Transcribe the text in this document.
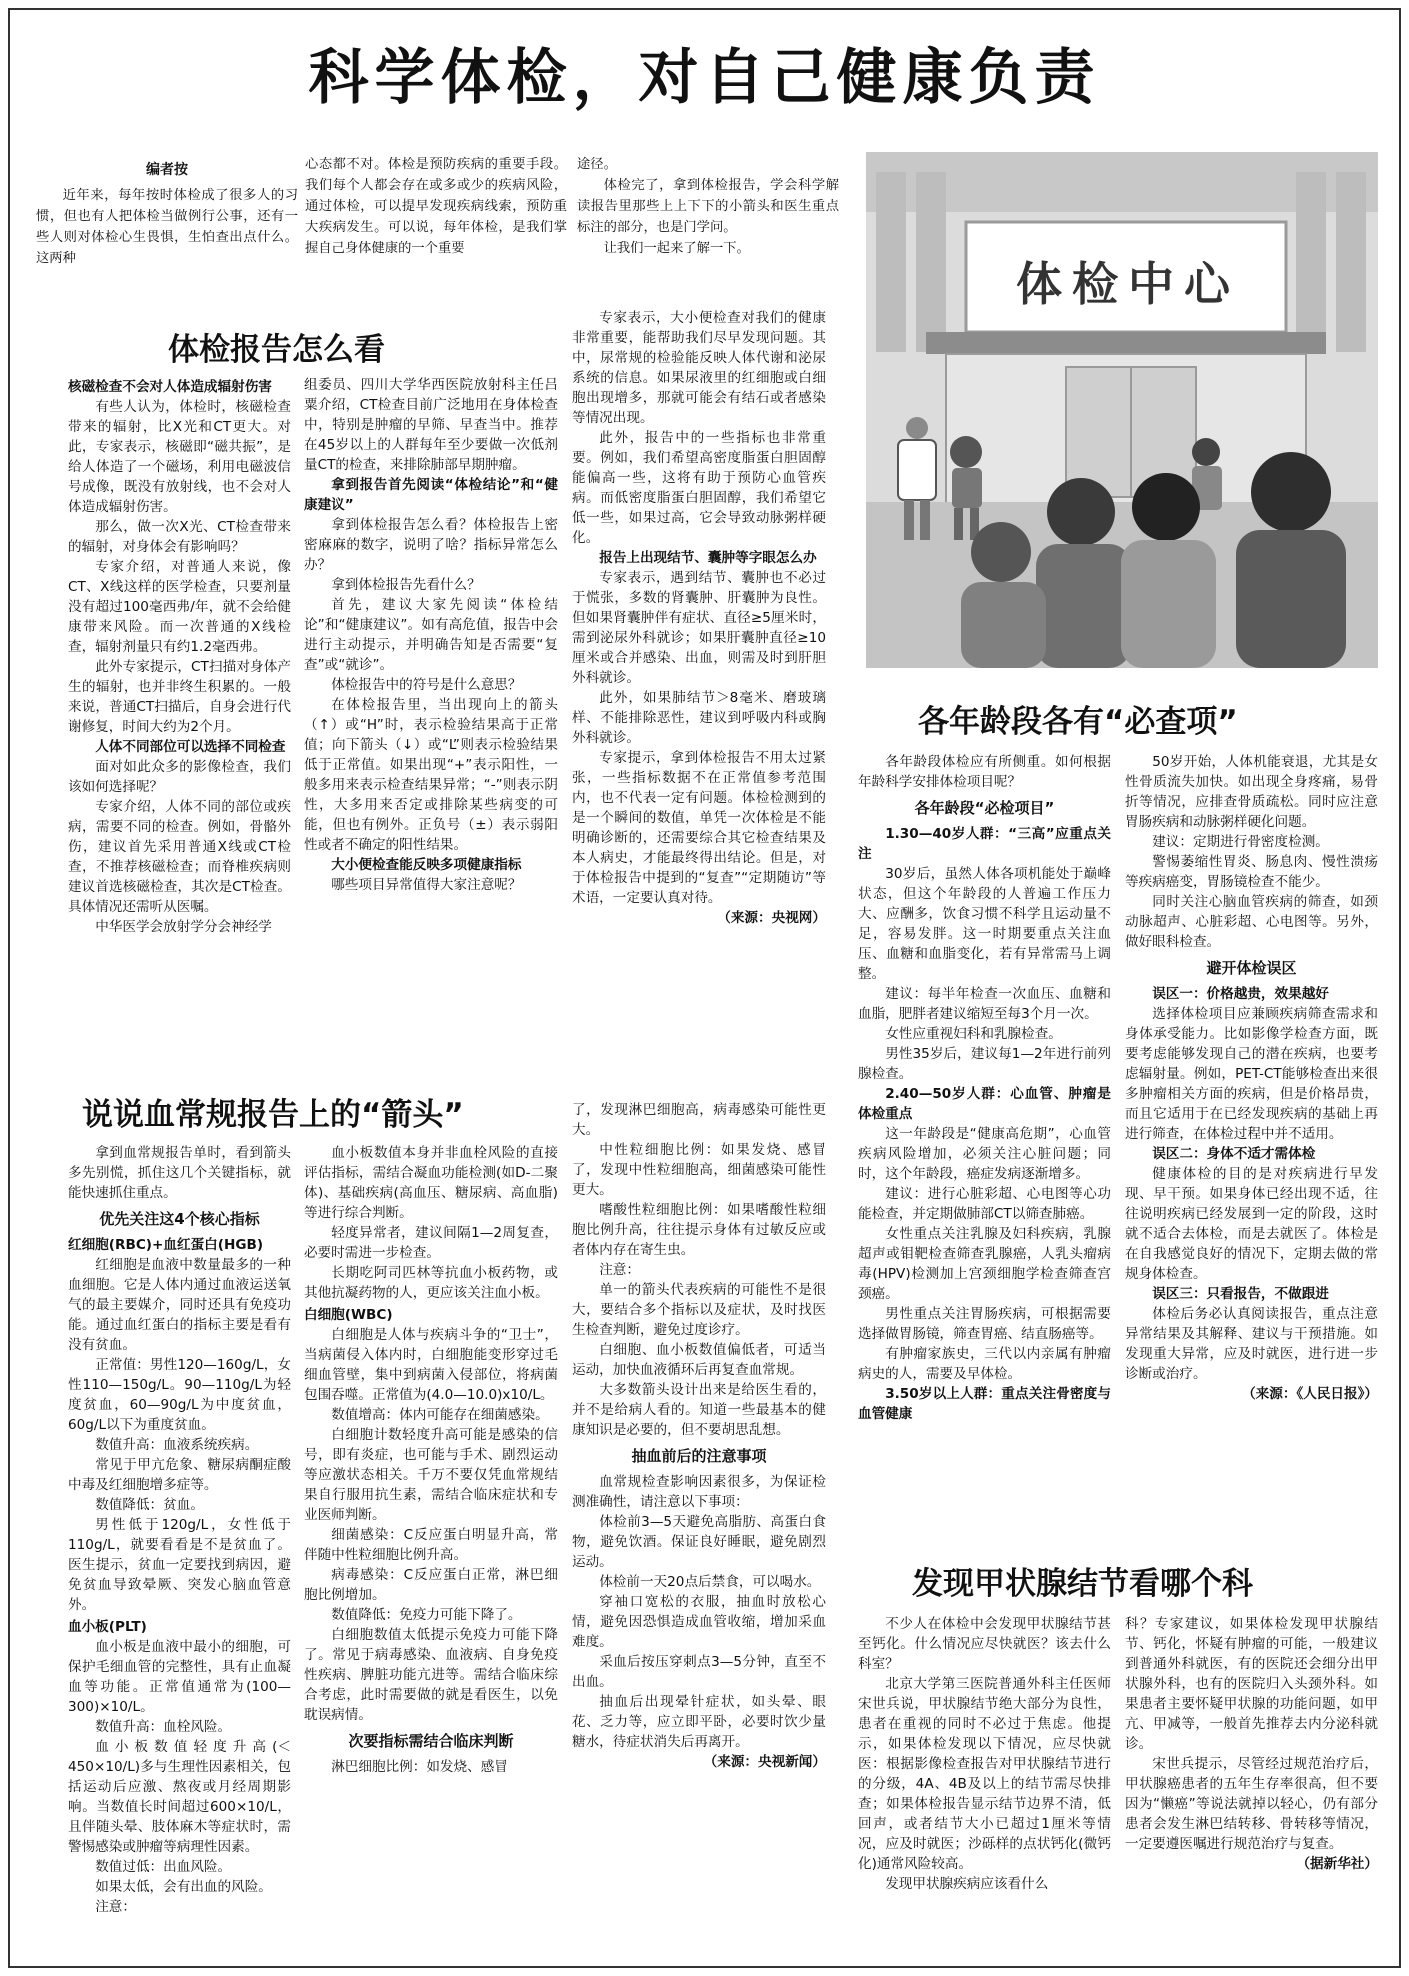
科学体检，对自己健康负责

编者按

近年来，每年按时体检成了很多人的习惯，但也有人把体检当做例行公事，还有一些人则对体检心生畏惧，生怕查出点什么。这两种

心态都不对。体检是预防疾病的重要手段。我们每个人都会存在或多或少的疾病风险，通过体检，可以提早发现疾病线索，预防重大疾病发生。可以说，每年体检，是我们掌握自己身体健康的一个重要

途径。

体检完了，拿到体检报告，学会科学解读报告里那些上上下下的小箭头和医生重点标注的部分，也是门学问。

让我们一起来了解一下。

体检中心
体检报告怎么看

核磁检查不会对人体造成辐射伤害

有些人认为，体检时，核磁检查带来的辐射，比X光和CT更大。对此，专家表示，核磁即“磁共振”，是给人体造了一个磁场，利用电磁波信号成像，既没有放射线，也不会对人体造成辐射伤害。

那么，做一次X光、CT检查带来的辐射，对身体会有影响吗？

专家介绍，对普通人来说，像CT、X线这样的医学检查，只要剂量没有超过100毫西弗/年，就不会给健康带来风险。而一次普通的X线检查，辐射剂量只有约1.2毫西弗。

此外专家提示，CT扫描对身体产生的辐射，也并非终生积累的。一般来说，普通CT扫描后，自身会进行代谢修复，时间大约为2个月。

人体不同部位可以选择不同检查

面对如此众多的影像检查，我们该如何选择呢？

专家介绍，人体不同的部位或疾病，需要不同的检查。例如，骨骼外伤，建议首先采用普通X线或CT检查，不推荐核磁检查；而脊椎疾病则建议首选核磁检查，其次是CT检查。具体情况还需听从医嘱。

中华医学会放射学分会神经学

组委员、四川大学华西医院放射科主任吕粟介绍，CT检查目前广泛地用在身体检查中，特别是肿瘤的早筛、早查当中。推荐在45岁以上的人群每年至少要做一次低剂量CT的检查，来排除肺部早期肿瘤。

拿到报告首先阅读“体检结论”和“健康建议”

拿到体检报告怎么看？体检报告上密密麻麻的数字，说明了啥？指标异常怎么办？

拿到体检报告先看什么？

首先，建议大家先阅读“体检结论”和“健康建议”。如有高危值，报告中会进行主动提示，并明确告知是否需要“复查”或“就诊”。

体检报告中的符号是什么意思？

在体检报告里，当出现向上的箭头（↑）或“H”时，表示检验结果高于正常值；向下箭头（↓）或“L”则表示检验结果低于正常值。如果出现“+”表示阳性，一般多用来表示检查结果异常；“-”则表示阴性，大多用来否定或排除某些病变的可能，但也有例外。正负号（±）表示弱阳性或者不确定的阳性结果。

大小便检查能反映多项健康指标

哪些项目异常值得大家注意呢？

专家表示，大小便检查对我们的健康非常重要，能帮助我们尽早发现问题。其中，尿常规的检验能反映人体代谢和泌尿系统的信息。如果尿液里的红细胞或白细胞出现增多，那就可能会有结石或者感染等情况出现。

此外，报告中的一些指标也非常重要。例如，我们希望高密度脂蛋白胆固醇能偏高一些，这将有助于预防心血管疾病。而低密度脂蛋白胆固醇，我们希望它低一些，如果过高，它会导致动脉粥样硬化。

报告上出现结节、囊肿等字眼怎么办

专家表示，遇到结节、囊肿也不必过于慌张，多数的肾囊肿、肝囊肿为良性。但如果肾囊肿伴有症状、直径≥5厘米时，需到泌尿外科就诊；如果肝囊肿直径≥10厘米或合并感染、出血，则需及时到肝胆外科就诊。

此外，如果肺结节＞8毫米、磨玻璃样、不能排除恶性，建议到呼吸内科或胸外科就诊。

专家提示，拿到体检报告不用太过紧张，一些指标数据不在正常值参考范围内，也不代表一定有问题。体检检测到的是一个瞬间的数值，单凭一次体检是不能明确诊断的，还需要综合其它检查结果及本人病史，才能最终得出结论。但是，对于体检报告中提到的“复查”“定期随访”等术语，一定要认真对待。

（来源：央视网）

说说血常规报告上的“箭头”

拿到血常规报告单时，看到箭头多先别慌，抓住这几个关键指标，就能快速抓住重点。

优先关注这4个核心指标

红细胞(RBC)+血红蛋白(HGB)

红细胞是血液中数量最多的一种血细胞。它是人体内通过血液运送氧气的最主要媒介，同时还具有免疫功能。通过血红蛋白的指标主要是看有没有贫血。

正常值：男性120—160g/L，女性110—150g/L。90—110g/L为轻度贫血，60—90g/L为中度贫血，60g/L以下为重度贫血。

数值升高：血液系统疾病。

常见于甲亢危象、糖尿病酮症酸中毒及红细胞增多症等。

数值降低：贫血。

男性低于120g/L，女性低于110g/L，就要看看是不是贫血了。医生提示，贫血一定要找到病因，避免贫血导致晕厥、突发心脑血管意外。

血小板(PLT)

血小板是血液中最小的细胞，可保护毛细血管的完整性，具有止血凝血等功能。正常值通常为(100—300)×10/L。

数值升高：血栓风险。

血小板数值轻度升高(＜450×10/L)多与生理性因素相关，包括运动后应激、熬夜或月经周期影响。当数值长时间超过600×10/L，且伴随头晕、肢体麻木等症状时，需警惕感染或肿瘤等病理性因素。

数值过低：出血风险。

如果太低，会有出血的风险。

注意：

血小板数值本身并非血栓风险的直接评估指标，需结合凝血功能检测(如D-二聚体)、基础疾病(高血压、糖尿病、高血脂)等进行综合判断。

轻度异常者，建议间隔1—2周复查，必要时需进一步检查。

长期吃阿司匹林等抗血小板药物，或其他抗凝药物的人，更应该关注血小板。

白细胞(WBC)

白细胞是人体与疾病斗争的“卫士”，当病菌侵入体内时，白细胞能变形穿过毛细血管壁，集中到病菌入侵部位，将病菌包围吞噬。正常值为(4.0—10.0)x10/L。

数值增高：体内可能存在细菌感染。

白细胞计数轻度升高可能是感染的信号，即有炎症，也可能与手术、剧烈运动等应激状态相关。千万不要仅凭血常规结果自行服用抗生素，需结合临床症状和专业医师判断。

细菌感染：C反应蛋白明显升高，常伴随中性粒细胞比例升高。

病毒感染：C反应蛋白正常，淋巴细胞比例增加。

数值降低：免疫力可能下降了。

白细胞数值太低提示免疫力可能下降了。常见于病毒感染、血液病、自身免疫性疾病、脾脏功能亢进等。需结合临床综合考虑，此时需要做的就是看医生，以免耽误病情。

次要指标需结合临床判断

淋巴细胞比例：如发烧、感冒

了，发现淋巴细胞高，病毒感染可能性更大。

中性粒细胞比例：如果发烧、感冒了，发现中性粒细胞高，细菌感染可能性更大。

嗜酸性粒细胞比例：如果嗜酸性粒细胞比例升高，往往提示身体有过敏反应或者体内存在寄生虫。

注意：

单一的箭头代表疾病的可能性不是很大，要结合多个指标以及症状，及时找医生检查判断，避免过度诊疗。

白细胞、血小板数值偏低者，可适当运动，加快血液循环后再复查血常规。

大多数箭头设计出来是给医生看的，并不是给病人看的。知道一些最基本的健康知识是必要的，但不要胡思乱想。

抽血前后的注意事项

血常规检查影响因素很多，为保证检测准确性，请注意以下事项：

体检前3—5天避免高脂肪、高蛋白食物，避免饮酒。保证良好睡眠，避免剧烈运动。

体检前一天20点后禁食，可以喝水。

穿袖口宽松的衣服，抽血时放松心情，避免因恐惧造成血管收缩，增加采血难度。

采血后按压穿刺点3—5分钟，直至不出血。

抽血后出现晕针症状，如头晕、眼花、乏力等，应立即平卧，必要时饮少量糖水，待症状消失后再离开。

（来源：央视新闻）

各年龄段各有“必查项”

各年龄段体检应有所侧重。如何根据年龄科学安排体检项目呢？

各年龄段“必检项目”

1.30—40岁人群：“三高”应重点关注

30岁后，虽然人体各项机能处于巅峰状态，但这个年龄段的人普遍工作压力大、应酬多，饮食习惯不科学且运动量不足，容易发胖。这一时期要重点关注血压、血糖和血脂变化，若有异常需马上调整。

建议：每半年检查一次血压、血糖和血脂，肥胖者建议缩短至每3个月一次。

女性应重视妇科和乳腺检查。

男性35岁后，建议每1—2年进行前列腺检查。

2.40—50岁人群：心血管、肿瘤是体检重点

这一年龄段是“健康高危期”，心血管疾病风险增加，必须关注心脏问题；同时，这个年龄段，癌症发病逐渐增多。

建议：进行心脏彩超、心电图等心功能检查，并定期做肺部CT以筛查肺癌。

女性重点关注乳腺及妇科疾病，乳腺超声或钼靶检查筛查乳腺癌，人乳头瘤病毒(HPV)检测加上宫颈细胞学检查筛查宫颈癌。

男性重点关注胃肠疾病，可根据需要选择做胃肠镜，筛查胃癌、结直肠癌等。

有肿瘤家族史，三代以内亲属有肿瘤病史的人，需要及早体检。

3.50岁以上人群：重点关注骨密度与血管健康

50岁开始，人体机能衰退，尤其是女性骨质流失加快。如出现全身疼痛，易骨折等情况，应排查骨质疏松。同时应注意胃肠疾病和动脉粥样硬化问题。

建议：定期进行骨密度检测。

警惕萎缩性胃炎、肠息肉、慢性溃疡等疾病癌变，胃肠镜检查不能少。

同时关注心脑血管疾病的筛查，如颈动脉超声、心脏彩超、心电图等。另外，做好眼科检查。

避开体检误区

误区一：价格越贵，效果越好

选择体检项目应兼顾疾病筛查需求和身体承受能力。比如影像学检查方面，既要考虑能够发现自己的潜在疾病，也要考虑辐射量。例如，PET-CT能够检查出来很多肿瘤相关方面的疾病，但是价格昂贵，而且它适用于在已经发现疾病的基础上再进行筛查，在体检过程中并不适用。

误区二：身体不适才需体检

健康体检的目的是对疾病进行早发现、早干预。如果身体已经出现不适，往往说明疾病已经发展到一定的阶段，这时就不适合去体检，而是去就医了。体检是在自我感觉良好的情况下，定期去做的常规身体检查。

误区三：只看报告，不做跟进

体检后务必认真阅读报告，重点注意异常结果及其解释、建议与干预措施。如发现重大异常，应及时就医，进行进一步诊断或治疗。

（来源：《人民日报》）

发现甲状腺结节看哪个科

不少人在体检中会发现甲状腺结节甚至钙化。什么情况应尽快就医？该去什么科室？

北京大学第三医院普通外科主任医师宋世兵说，甲状腺结节绝大部分为良性，患者在重视的同时不必过于焦虑。他提示，如果体检发现以下情况，应尽快就医：根据影像检查报告对甲状腺结节进行的分级，4A、4B及以上的结节需尽快排查；如果体检报告显示结节边界不清，低回声，或者结节大小已超过1厘米等情况，应及时就医；沙砾样的点状钙化(微钙化)通常风险较高。

发现甲状腺疾病应该看什么

科？专家建议，如果体检发现甲状腺结节、钙化，怀疑有肿瘤的可能，一般建议到普通外科就医，有的医院还会细分出甲状腺外科，也有的医院归入头颈外科。如果患者主要怀疑甲状腺的功能问题，如甲亢、甲减等，一般首先推荐去内分泌科就诊。

宋世兵提示，尽管经过规范治疗后，甲状腺癌患者的五年生存率很高，但不要因为“懒癌”等说法就掉以轻心，仍有部分患者会发生淋巴结转移、骨转移等情况，一定要遵医嘱进行规范治疗与复查。

（据新华社）
